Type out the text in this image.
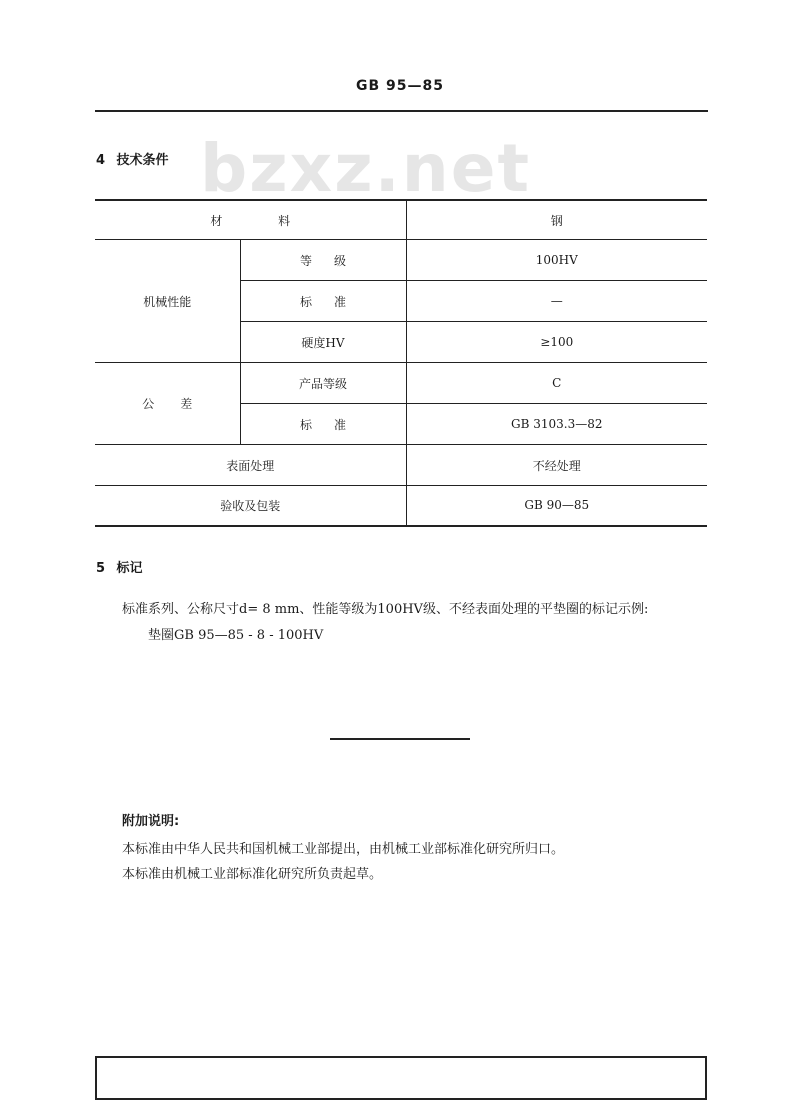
GB 95—85
bzxz.net
4 技术条件
材 料		钢
机械性能	等级	100HV
	标准	—
	硬度HV	≥100
公差	产品等级	C
	标准	GB 3103.3—82
表面处理		不经处理
验收及包装		GB 90—85
5 标记
标准系列、公称尺寸d= 8 mm、性能等级为100HV级、不经表面处理的平垫圈的标记示例:
垫圈GB 95—85 - 8 - 100HV
附加说明:
本标准由中华人民共和国机械工业部提出，由机械工业部标准化研究所归口。
本标准由机械工业部标准化研究所负责起草。
